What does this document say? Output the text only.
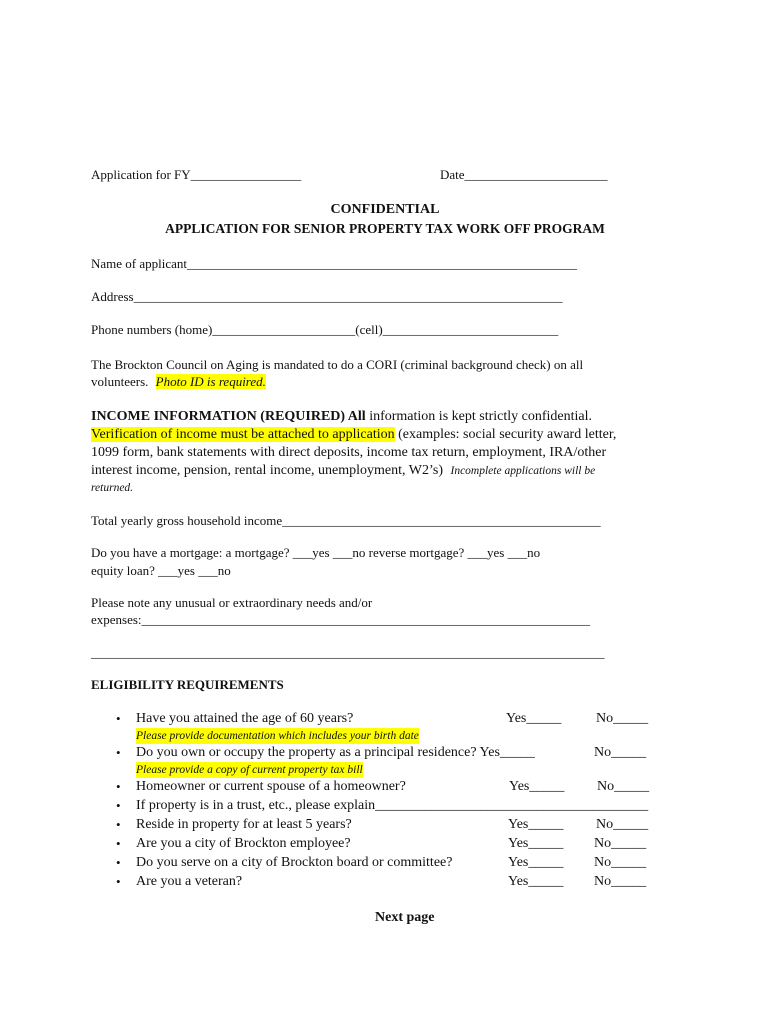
Application for FY_________________	Date______________________
CONFIDENTIAL
APPLICATION FOR SENIOR PROPERTY TAX WORK OFF PROGRAM
Name of applicant____________________________________________________________
Address__________________________________________________________________
Phone numbers (home)______________________(cell)___________________________
The Brockton Council on Aging is mandated to do a CORI (criminal background check) on all
volunteers. Photo ID is required.
INCOME INFORMATION (REQUIRED) All information is kept strictly confidential.
Verification of income must be attached to application (examples: social security award letter,
1099 form, bank statements with direct deposits, income tax return, employment, IRA/other
interest income, pension, rental income, unemployment, W2’s) Incomplete applications will be
returned.
Total yearly gross household income_________________________________________________
Do you have a mortgage: a mortgage? ___yes ___no reverse mortgage? ___yes ___no
equity loan? ___yes ___no
Please note any unusual or extraordinary needs and/or
expenses:_____________________________________________________________________
_______________________________________________________________________________
ELIGIBILITY REQUIREMENTS
• Have you attained the age of 60 years?	Yes_____ No_____
Please provide documentation which includes your birth date
• Do you own or occupy the property as a principal residence? Yes_____	No_____
Please provide a copy of current property tax bill
• Homeowner or current spouse of a homeowner?	Yes_____ No_____
• If property is in a trust, etc., please explain_______________________________________
• Reside in property for at least 5 years?	Yes_____ No_____
• Are you a city of Brockton employee?	Yes_____ No_____
• Do you serve on a city of Brockton board or committee?	Yes_____ No_____
• Are you a veteran?	Yes_____ No_____
Next page
